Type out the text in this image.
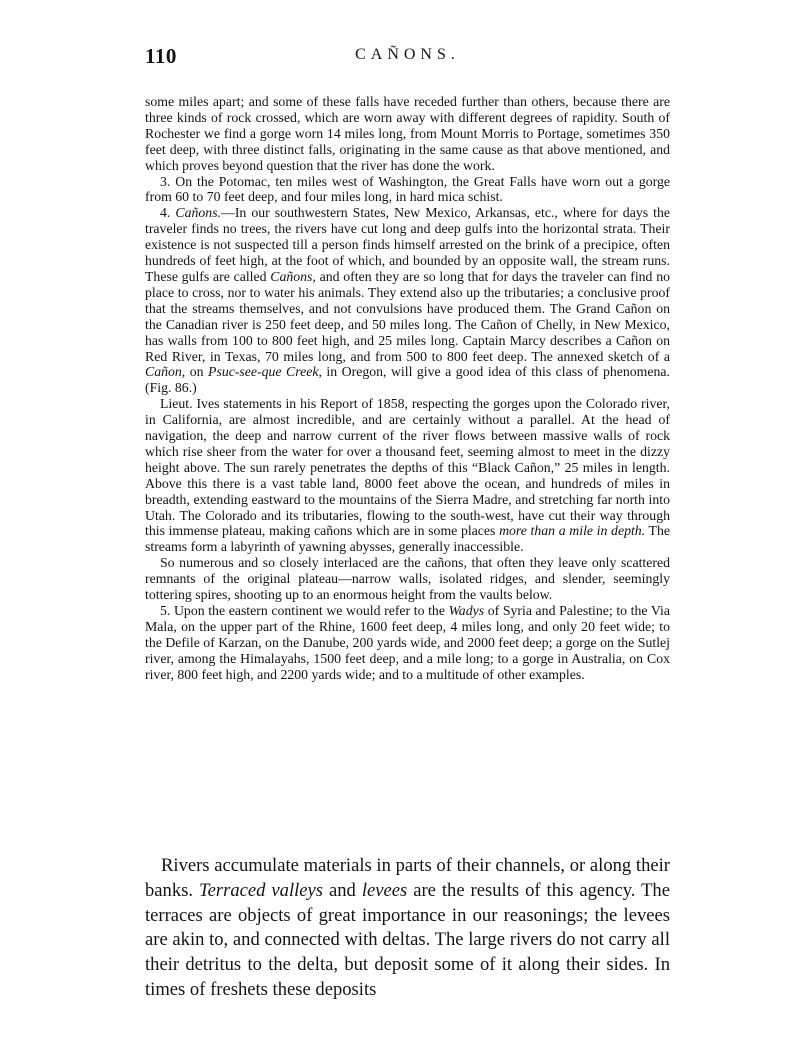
110	CAÑONS.

some miles apart; and some of these falls have receded further than others, because there are three kinds of rock crossed, which are worn away with different degrees of rapidity. South of Rochester we find a gorge worn 14 miles long, from Mount Morris to Portage, sometimes 350 feet deep, with three distinct falls, originating in the same cause as that above mentioned, and which proves beyond question that the river has done the work.

3. On the Potomac, ten miles west of Washington, the Great Falls have worn out a gorge from 60 to 70 feet deep, and four miles long, in hard mica schist.

4. Cañons.—In our southwestern States, New Mexico, Arkansas, etc., where for days the traveler finds no trees, the rivers have cut long and deep gulfs into the horizontal strata. Their existence is not suspected till a person finds himself arrested on the brink of a precipice, often hundreds of feet high, at the foot of which, and bounded by an opposite wall, the stream runs. These gulfs are called Cañons, and often they are so long that for days the traveler can find no place to cross, nor to water his animals. They extend also up the tributaries; a conclusive proof that the streams themselves, and not convulsions have produced them. The Grand Cañon on the Canadian river is 250 feet deep, and 50 miles long. The Cañon of Chelly, in New Mexico, has walls from 100 to 800 feet high, and 25 miles long. Captain Marcy describes a Cañon on Red River, in Texas, 70 miles long, and from 500 to 800 feet deep. The annexed sketch of a Cañon, on Psuc-see-que Creek, in Oregon, will give a good idea of this class of phenomena. (Fig. 86.)

Lieut. Ives statements in his Report of 1858, respecting the gorges upon the Colorado river, in California, are almost incredible, and are certainly without a parallel. At the head of navigation, the deep and narrow current of the river flows between massive walls of rock which rise sheer from the water for over a thousand feet, seeming almost to meet in the dizzy height above. The sun rarely penetrates the depths of this “Black Cañon,” 25 miles in length. Above this there is a vast table land, 8000 feet above the ocean, and hundreds of miles in breadth, extending eastward to the mountains of the Sierra Madre, and stretching far north into Utah. The Colorado and its tributaries, flowing to the south-west, have cut their way through this immense plateau, making cañons which are in some places more than a mile in depth. The streams form a labyrinth of yawning abysses, generally inaccessible.

So numerous and so closely interlaced are the cañons, that often they leave only scattered remnants of the original plateau—narrow walls, isolated ridges, and slender, seemingly tottering spires, shooting up to an enormous height from the vaults below.

5. Upon the eastern continent we would refer to the Wadys of Syria and Palestine; to the Via Mala, on the upper part of the Rhine, 1600 feet deep, 4 miles long, and only 20 feet wide; to the Defile of Karzan, on the Danube, 200 yards wide, and 2000 feet deep; a gorge on the Sutlej river, among the Himalayahs, 1500 feet deep, and a mile long; to a gorge in Australia, on Cox river, 800 feet high, and 2200 yards wide; and to a multitude of other examples.

Rivers accumulate materials in parts of their channels, or along their banks. Terraced valleys and levees are the results of this agency. The terraces are objects of great importance in our reasonings; the levees are akin to, and connected with deltas. The large rivers do not carry all their detritus to the delta, but deposit some of it along their sides. In times of freshets these deposits
